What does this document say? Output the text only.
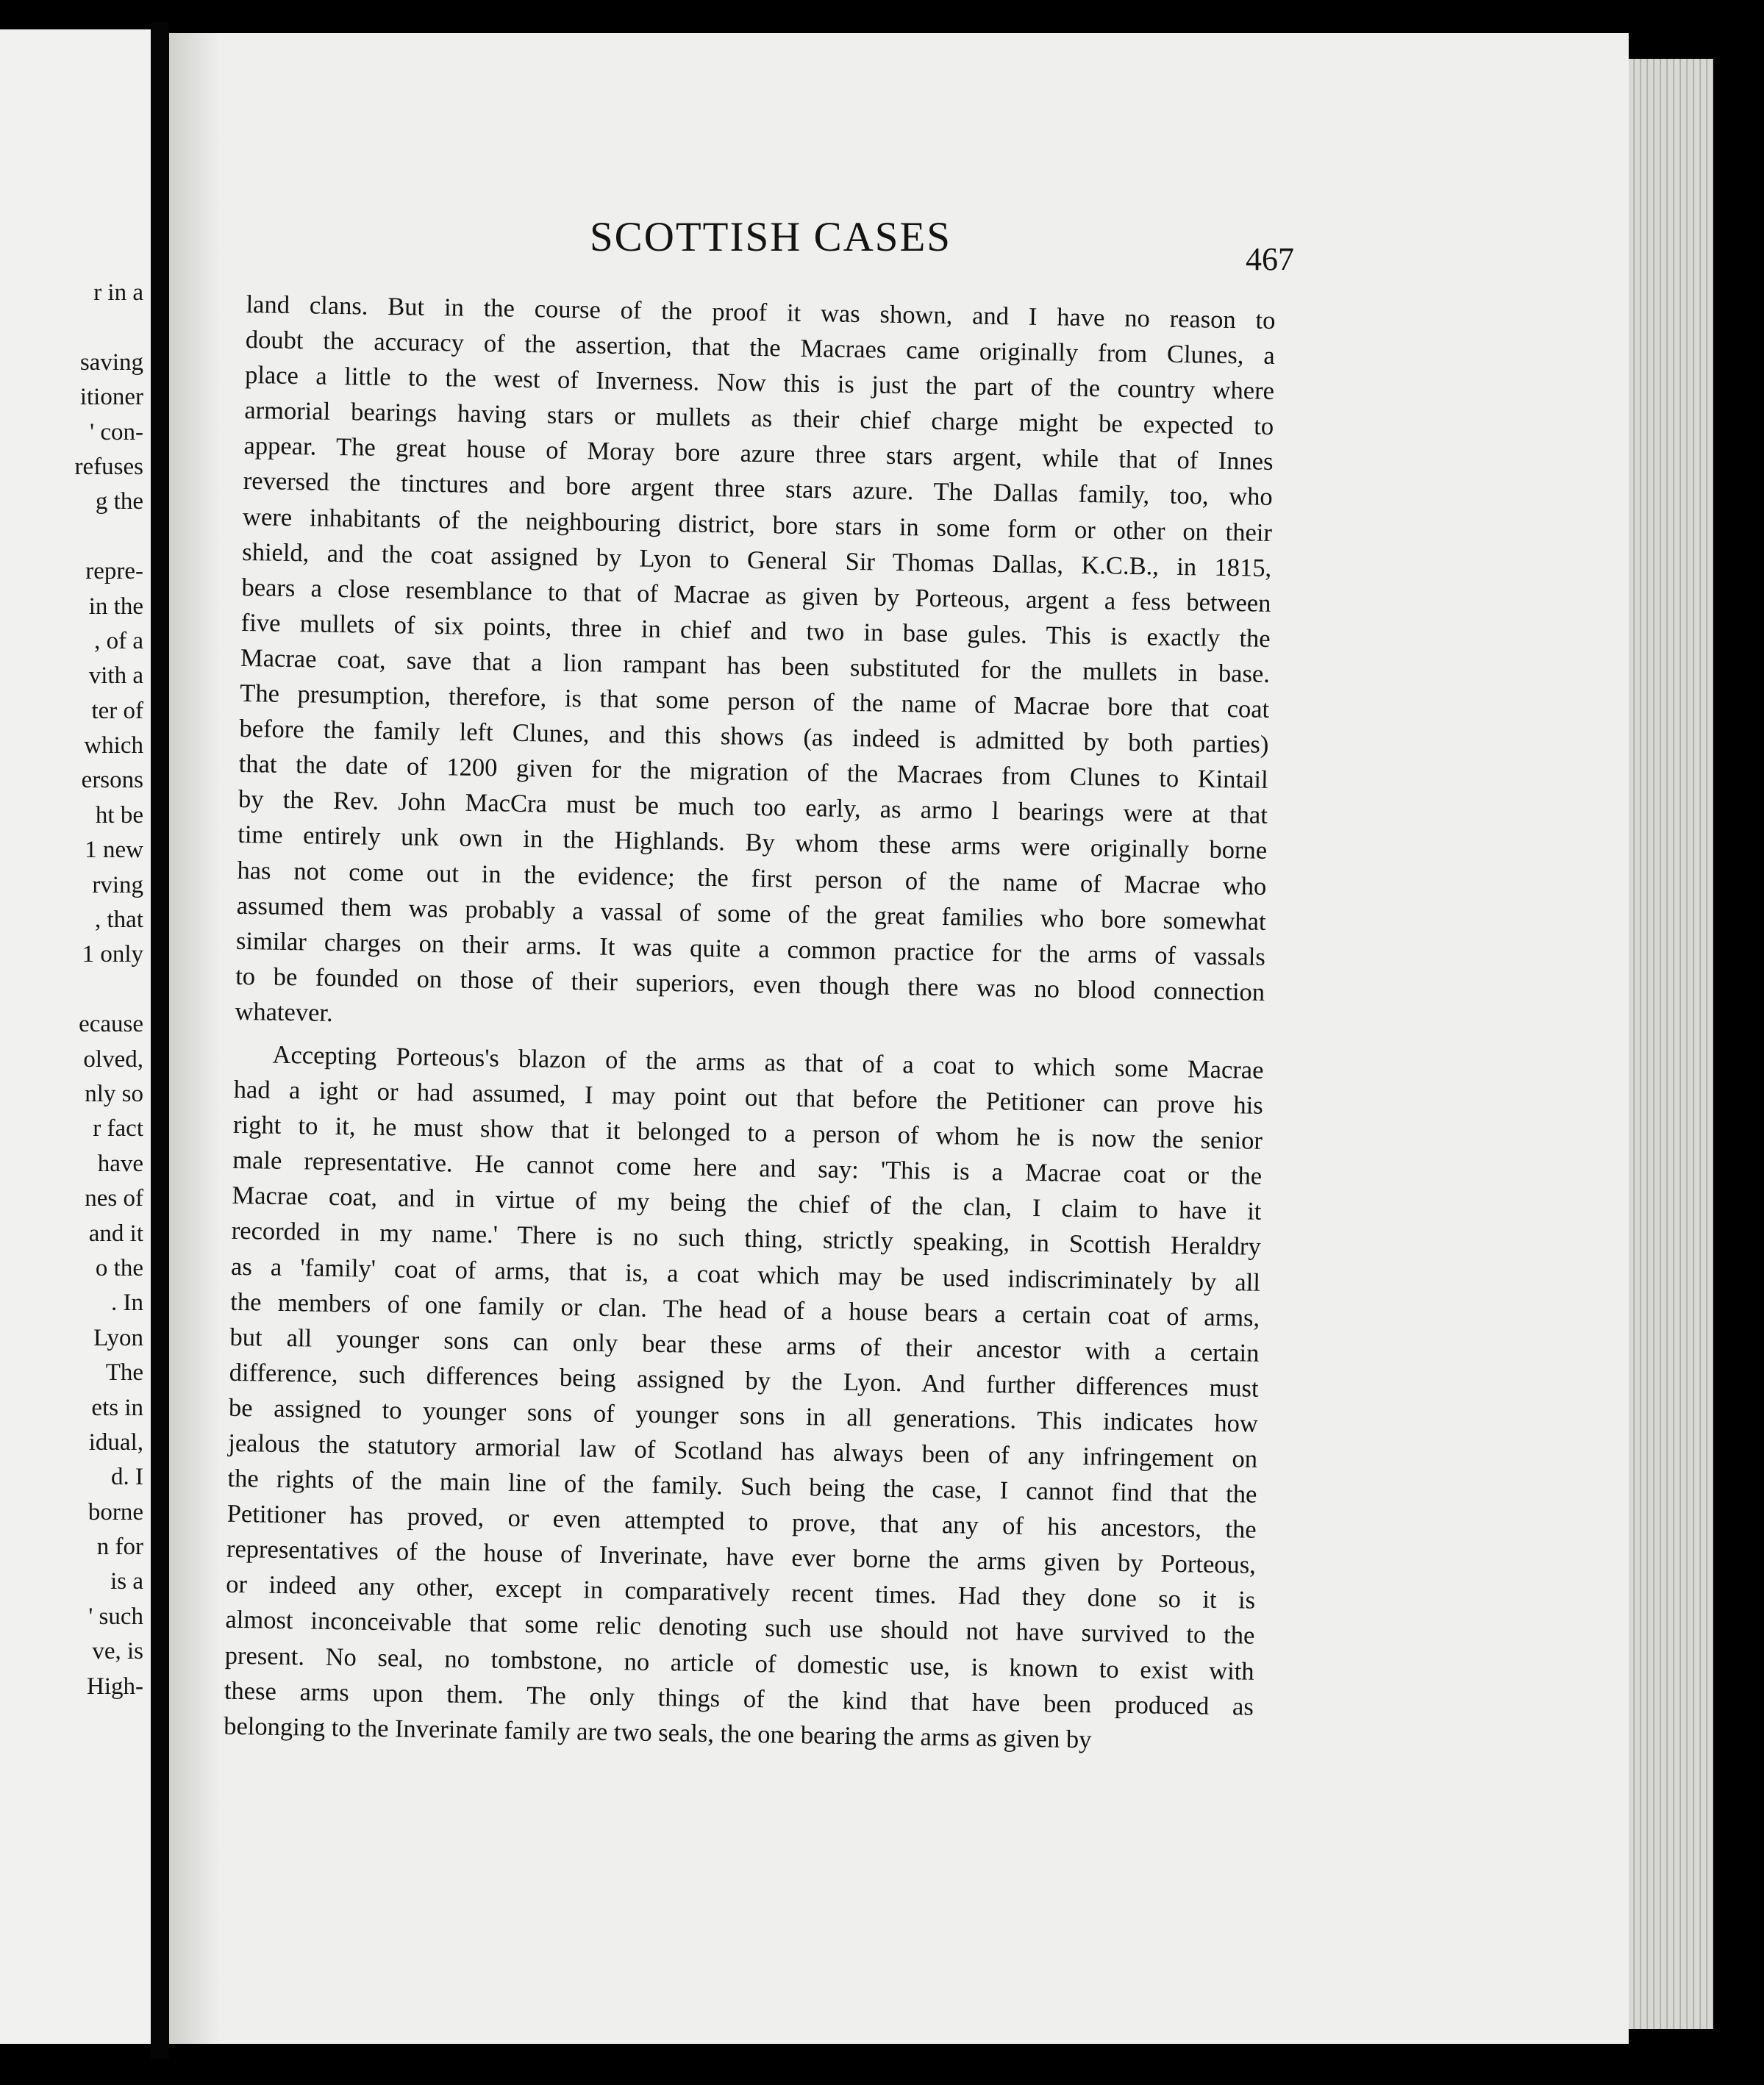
r in a
saving
itioner
' con-
refuses
g the
repre-
in the
, of a
vith a
ter of
which
ersons
ht be
1 new
rving
, that
1 only
ecause
olved,
nly so
r fact
have
nes of
and it
o the
. In
Lyon
The
ets in
idual,
d. I
borne
n for
is a
' such
ve, is
High-
SCOTTISH CASES	467
land clans. But in the course of the proof it was shown, and I have no reason to
doubt the accuracy of the assertion, that the Macraes came originally from Clunes, a
place a little to the west of Inverness. Now this is just the part of the country where
armorial bearings having stars or mullets as their chief charge might be expected to
appear. The great house of Moray bore azure three stars argent, while that of Innes
reversed the tinctures and bore argent three stars azure. The Dallas family, too, who
were inhabitants of the neighbouring district, bore stars in some form or other on their
shield, and the coat assigned by Lyon to General Sir Thomas Dallas, K.C.B., in 1815,
bears a close resemblance to that of Macrae as given by Porteous, argent a fess between
five mullets of six points, three in chief and two in base gules. This is exactly the
Macrae coat, save that a lion rampant has been substituted for the mullets in base.
The presumption, therefore, is that some person of the name of Macrae bore that coat
before the family left Clunes, and this shows (as indeed is admitted by both parties)
that the date of 1200 given for the migration of the Macraes from Clunes to Kintail
by the Rev. John MacCra must be much too early, as armo l bearings were at that
time entirely unk own in the Highlands. By whom these arms were originally borne
has not come out in the evidence; the first person of the name of Macrae who
assumed them was probably a vassal of some of the great families who bore somewhat
similar charges on their arms. It was quite a common practice for the arms of vassals
to be founded on those of their superiors, even though there was no blood connection
whatever.
Accepting Porteous's blazon of the arms as that of a coat to which some Macrae
had a ight or had assumed, I may point out that before the Petitioner can prove his
right to it, he must show that it belonged to a person of whom he is now the senior
male representative. He cannot come here and say: 'This is a Macrae coat or the
Macrae coat, and in virtue of my being the chief of the clan, I claim to have it
recorded in my name.' There is no such thing, strictly speaking, in Scottish Heraldry
as a 'family' coat of arms, that is, a coat which may be used indiscriminately by all
the members of one family or clan. The head of a house bears a certain coat of arms,
but all younger sons can only bear these arms of their ancestor with a certain
difference, such differences being assigned by the Lyon. And further differences must
be assigned to younger sons of younger sons in all generations. This indicates how
jealous the statutory armorial law of Scotland has always been of any infringement on
the rights of the main line of the family. Such being the case, I cannot find that the
Petitioner has proved, or even attempted to prove, that any of his ancestors, the
representatives of the house of Inverinate, have ever borne the arms given by Porteous,
or indeed any other, except in comparatively recent times. Had they done so it is
almost inconceivable that some relic denoting such use should not have survived to the
present. No seal, no tombstone, no article of domestic use, is known to exist with
these arms upon them. The only things of the kind that have been produced as
belonging to the Inverinate family are two seals, the one bearing the arms as given by
